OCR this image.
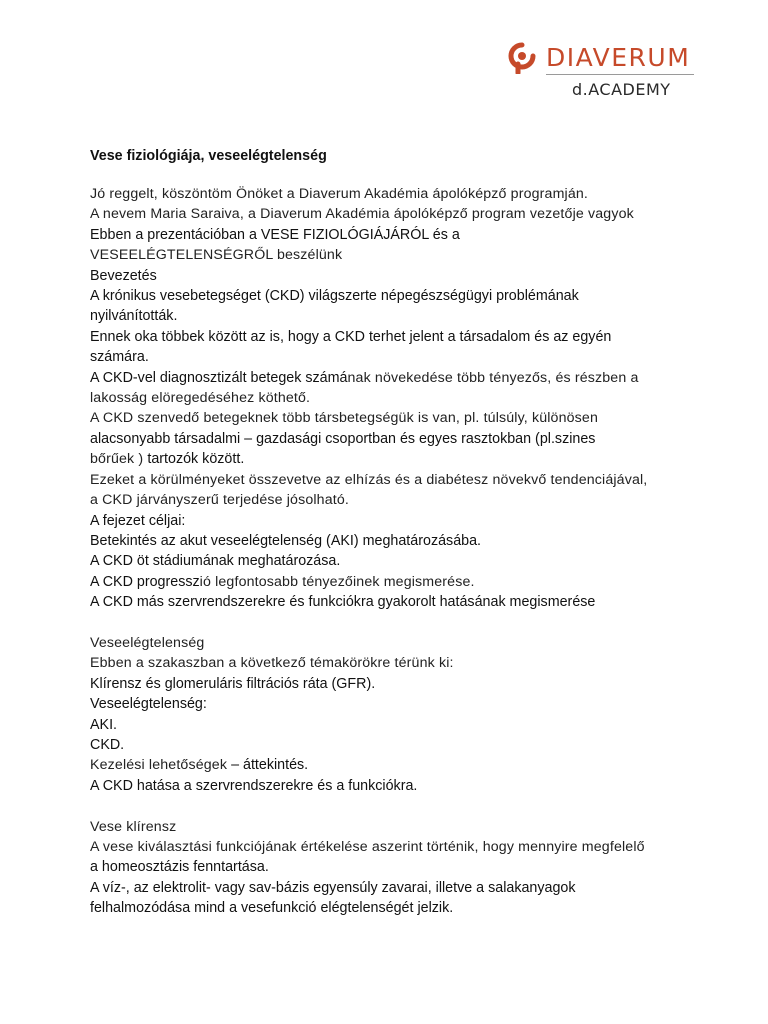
DIAVERUM
d.ACADEMY

Vese fiziológiája, veseelégtelenség

Jó reggelt, köszöntöm Önöket a Diaverum Akadémia ápolóképző programján.

A nevem Maria Saraiva, a Diaverum Akadémia ápolóképző program vezetője vagyok

Ebben a prezentációban a VESE FIZIOLÓGIÁJÁRÓL és a

VESEELÉGTELENSÉGRŐL beszélünk

Bevezetés

A krónikus vesebetegséget (CKD) világszerte népegészségügyi problémának

nyilvánították.

Ennek oka többek között az is, hogy a CKD terhet jelent a társadalom és az egyén

számára.

A CKD-vel diagnosztizált betegek számának növekedése több tényezős, és részben a

lakosság elöregedéséhez köthető.

A CKD szenvedő betegeknek több társbetegségük is van, pl. túlsúly, különösen

alacsonyabb társadalmi – gazdasági csoportban és egyes rasztokban (pl.szines

bőrűek ) tartozók között.

Ezeket a körülményeket összevetve az elhízás és a diabétesz növekvő tendenciájával,

a CKD járványszerű terjedése jósolható.

A fejezet céljai:

Betekintés az akut veseelégtelenség (AKI) meghatározásába.

A CKD öt stádiumának meghatározása.

A CKD progresszió legfontosabb tényezőinek megismerése.

A CKD más szervrendszerekre és funkciókra gyakorolt hatásának megismerése

Veseelégtelenség

Ebben a szakaszban a következő témakörökre térünk ki:

Klírensz és glomeruláris filtrációs ráta (GFR).

Veseelégtelenség:

AKI.

CKD.

Kezelési lehetőségek – áttekintés.

A CKD hatása a szervrendszerekre és a funkciókra.

Vese klírensz

A vese kiválasztási funkciójának értékelése aszerint történik, hogy mennyire megfelelő

a homeosztázis fenntartása.

A víz-, az elektrolit- vagy sav-bázis egyensúly zavarai, illetve a salakanyagok

felhalmozódása mind a vesefunkció elégtelenségét jelzik.
